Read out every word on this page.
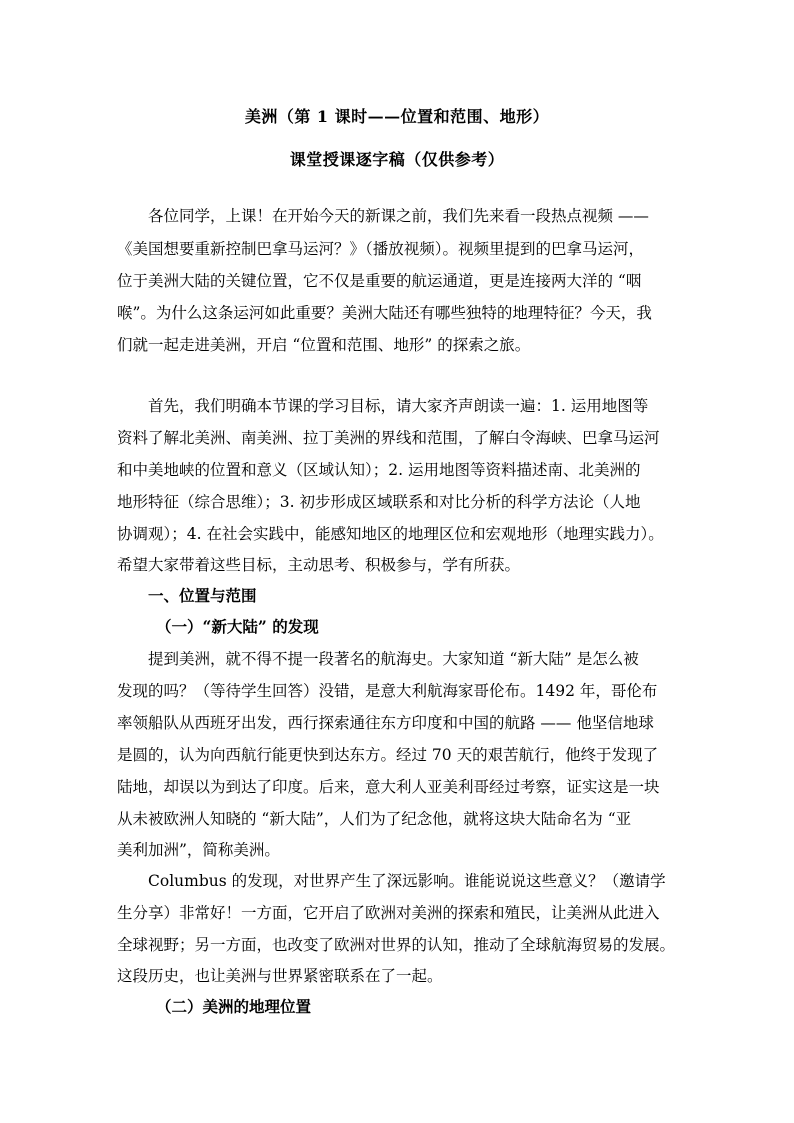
美洲（第 1 课时——位置和范围、地形）
课堂授课逐字稿（仅供参考）
各位同学，上课！在开始今天的新课之前，我们先来看一段热点视频 ——
《美国想要重新控制巴拿马运河？》（播放视频）。视频里提到的巴拿马运河，
位于美洲大陆的关键位置，它不仅是重要的航运通道，更是连接两大洋的 “咽
喉”。为什么这条运河如此重要？美洲大陆还有哪些独特的地理特征？今天，我
们就一起走进美洲，开启 “位置和范围、地形” 的探索之旅。
首先，我们明确本节课的学习目标，请大家齐声朗读一遍：1. 运用地图等
资料了解北美洲、南美洲、拉丁美洲的界线和范围，了解白令海峡、巴拿马运河
和中美地峡的位置和意义（区域认知）；2. 运用地图等资料描述南、北美洲的
地形特征（综合思维）；3. 初步形成区域联系和对比分析的科学方法论（人地
协调观）；4. 在社会实践中，能感知地区的地理区位和宏观地形（地理实践力）。
希望大家带着这些目标，主动思考、积极参与，学有所获。
一、位置与范围
（一）“新大陆” 的发现
提到美洲，就不得不提一段著名的航海史。大家知道 “新大陆” 是怎么被
发现的吗？（等待学生回答）没错，是意大利航海家哥伦布。1492 年，哥伦布
率领船队从西班牙出发，西行探索通往东方印度和中国的航路 —— 他坚信地球
是圆的，认为向西航行能更快到达东方。经过 70 天的艰苦航行，他终于发现了
陆地，却误以为到达了印度。后来，意大利人亚美利哥经过考察，证实这是一块
从未被欧洲人知晓的 “新大陆”，人们为了纪念他，就将这块大陆命名为 “亚
美利加洲”，简称美洲。
Columbus 的发现，对世界产生了深远影响。谁能说说这些意义？（邀请学
生分享）非常好！一方面，它开启了欧洲对美洲的探索和殖民，让美洲从此进入
全球视野；另一方面，也改变了欧洲对世界的认知，推动了全球航海贸易的发展。
这段历史，也让美洲与世界紧密联系在了一起。
（二）美洲的地理位置
